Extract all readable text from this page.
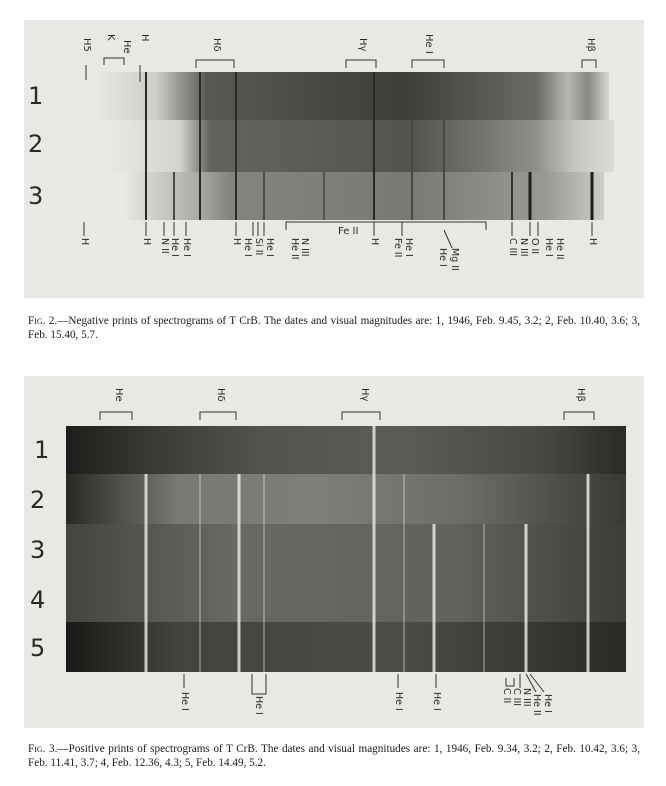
1
2
3
H5
K
He
H
Hδ	Hγ	He I	Hβ
H	H N II He I He I	H He I Si II He I	N III
He II
Fe II
H He I
Fe II
Mg II
He I
C III N III O II He I He II H
Fig. 2.—Negative prints of spectrograms of T CrB. The dates and visual magnitudes are: 1, 1946, Feb. 9.45, 3.2; 2, Feb. 10.40, 3.6; 3, Feb. 15.40, 5.7.
1
2
3
4
5
He	Hδ	Hγ	Hβ
He I	He I	He I	He I	C II C III N III He II He I
Fig. 3.—Positive prints of spectrograms of T CrB. The dates and visual magnitudes are: 1, 1946, Feb. 9.34, 3.2; 2, Feb. 10.42, 3.6; 3, Feb. 11.41, 3.7; 4, Feb. 12.36, 4.3; 5, Feb. 14.49, 5.2.
